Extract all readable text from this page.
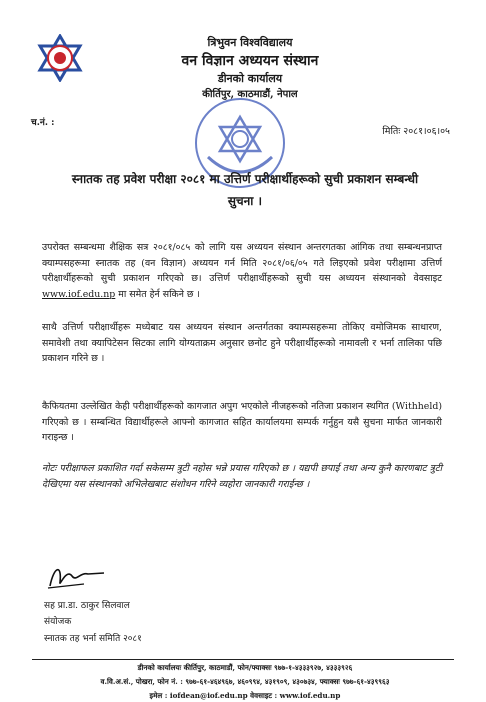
त्रिभुवन विश्वविद्यालय
वन विज्ञान अध्ययन संस्थान
डीनको कार्यालय
कीर्तिपुर, काठमाडौं, नेपाल
च.नं. :
मितिः २०८१।०६।०५
स्नातक तह प्रवेश परीक्षा २०८१ मा उत्तिर्ण परीक्षार्थीहरूको सुची प्रकाशन सम्बन्धी
सुचना ।
उपरोक्त सम्बन्धमा शैक्षिक सत्र २०८१/०८५ को लागि यस अध्ययन संस्थान अन्तरगतका आंगिक तथा सम्बन्धनप्राप्त क्याम्पसहरूमा स्नातक तह (वन विज्ञान) अध्ययन गर्न मिति २०८१/०६/०५ गते लिइएको प्रवेश परीक्षामा उत्तिर्ण परीक्षार्थीहरूको सुची प्रकाशन गरिएको छ। उत्तिर्ण परीक्षार्थीहरूको सुची यस अध्ययन संस्थानको वेवसाइट www.iof.edu.np मा समेत हेर्न सकिने छ ।
साथै उत्तिर्ण परीक्षार्थीहरू मध्येबाट यस अध्ययन संस्थान अन्तर्गतका क्याम्पसहरूमा तोकिए वमोजिमक साधारण, समावेशी तथा क्यापिटेसन सिटका लागि योग्यताक्रम अनुसार छनोट हुने परीक्षार्थीहरूको नामावली र भर्ना तालिका पछि प्रकाशन गरिने छ ।
कैफियतमा उल्लेखित केही परीक्षार्थीहरूको कागजात अपुग भएकोले नीजहरूको नतिजा प्रकाशन स्थगित (Withheld) गरिएको छ । सम्बन्धित विद्यार्थीहरूले आफ्नो कागजात सहित कार्यालयमा सम्पर्क गर्नुहुन यसै सुचना मार्फत जानकारी गराइन्छ ।
नोटः परीक्षाफल प्रकाशित गर्दा सकेसम्म त्रुटी नहोस भन्ने प्रयास गरिएको छ । यद्यपी छपाई तथा अन्य कुनै कारणबाट त्रुटी देखिएमा यस संस्थानको अभिलेखबाट संशोधन गरिने व्यहोरा जानकारी गराईन्छ ।
सह प्रा.डा. ठाकुर सिलवाल
संयोजक
स्नातक तह भर्ना समिति २०८१
डीनको कार्यालयः कीर्तिपुर, काठमाडौं, फोन/फ्याक्सः ९७७-१-४३३३९२७, ४३३३९२६
व.वि.अ.सं., पोखरा, फोन नं. : ९७७-६१-४६४९६७, ४६०९९४, ४३१९०९, ४३०७३४, फ्याक्सः ९७७-६१-४३९९६३
इमेल : iofdean@iof.edu.np वेवसाइट : www.iof.edu.np
